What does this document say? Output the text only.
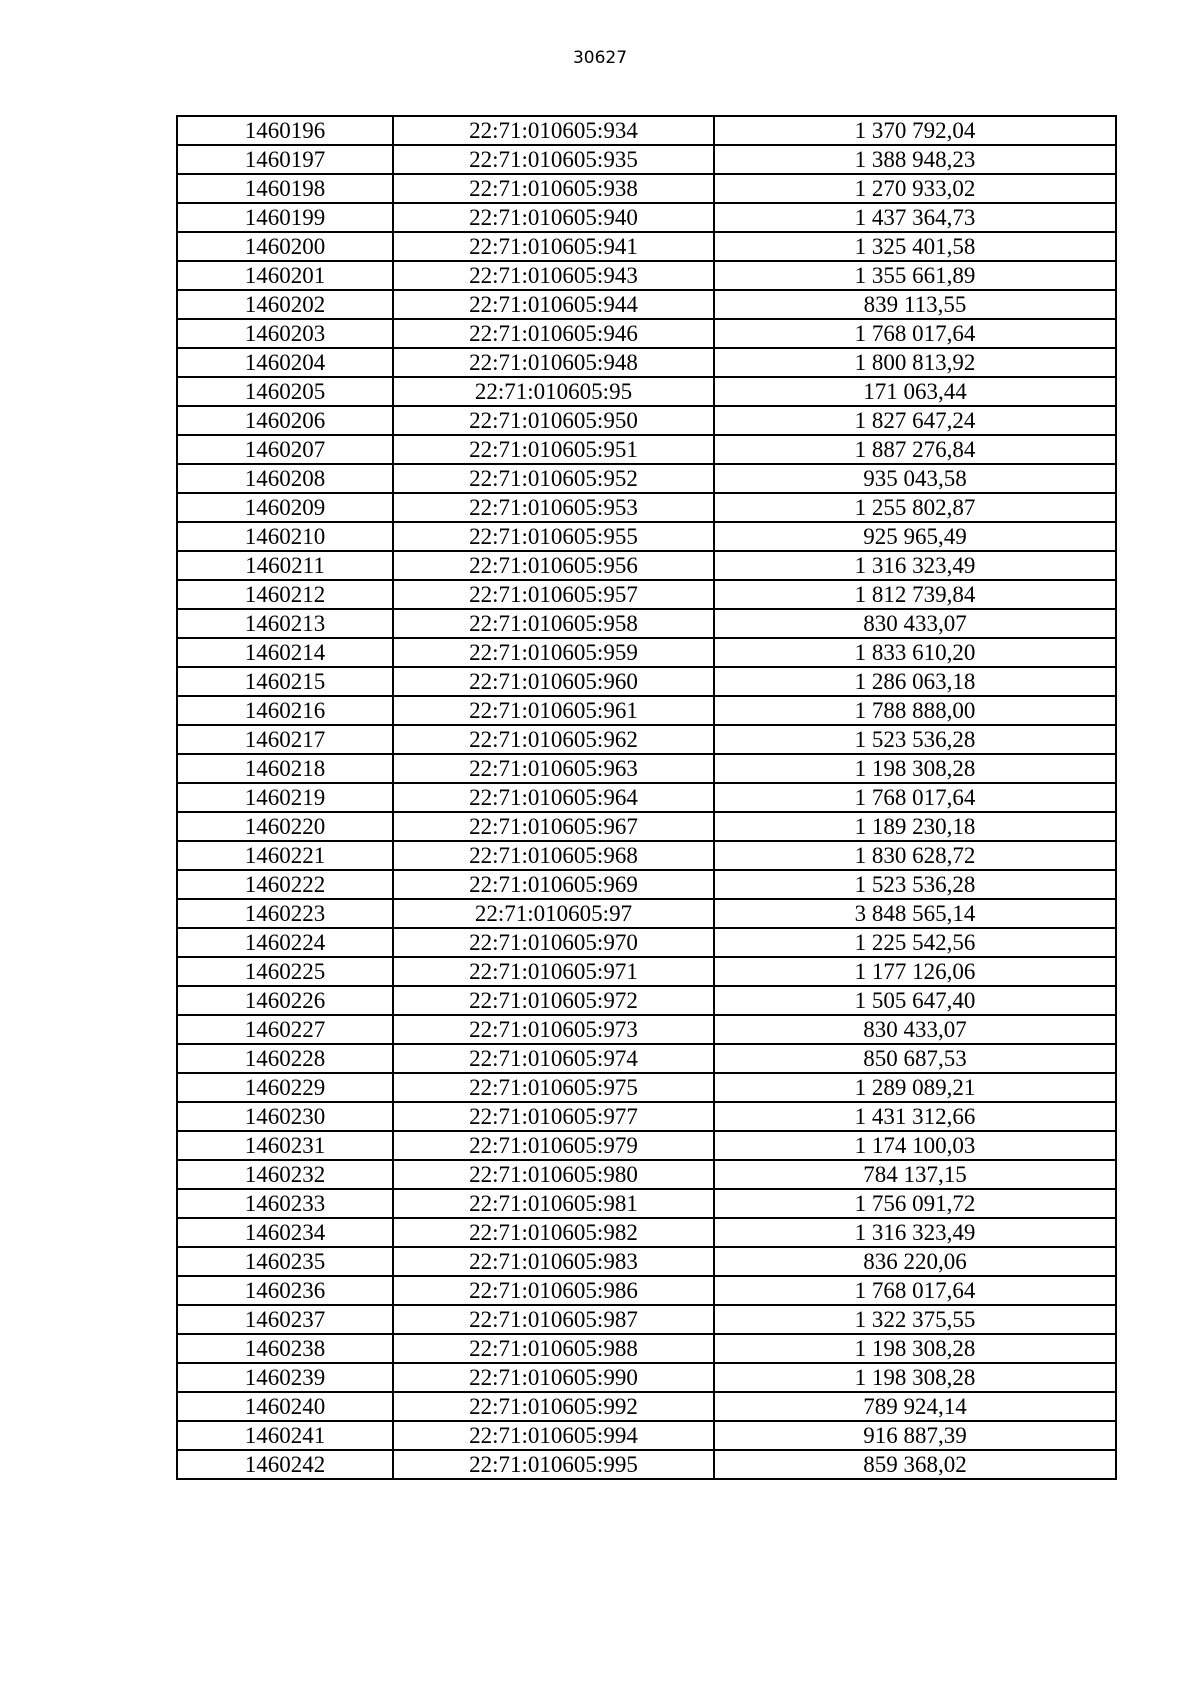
30627
1460196	22:71:010605:934	1 370 792,04
1460197	22:71:010605:935	1 388 948,23
1460198	22:71:010605:938	1 270 933,02
1460199	22:71:010605:940	1 437 364,73
1460200	22:71:010605:941	1 325 401,58
1460201	22:71:010605:943	1 355 661,89
1460202	22:71:010605:944	839 113,55
1460203	22:71:010605:946	1 768 017,64
1460204	22:71:010605:948	1 800 813,92
1460205	22:71:010605:95	171 063,44
1460206	22:71:010605:950	1 827 647,24
1460207	22:71:010605:951	1 887 276,84
1460208	22:71:010605:952	935 043,58
1460209	22:71:010605:953	1 255 802,87
1460210	22:71:010605:955	925 965,49
1460211	22:71:010605:956	1 316 323,49
1460212	22:71:010605:957	1 812 739,84
1460213	22:71:010605:958	830 433,07
1460214	22:71:010605:959	1 833 610,20
1460215	22:71:010605:960	1 286 063,18
1460216	22:71:010605:961	1 788 888,00
1460217	22:71:010605:962	1 523 536,28
1460218	22:71:010605:963	1 198 308,28
1460219	22:71:010605:964	1 768 017,64
1460220	22:71:010605:967	1 189 230,18
1460221	22:71:010605:968	1 830 628,72
1460222	22:71:010605:969	1 523 536,28
1460223	22:71:010605:97	3 848 565,14
1460224	22:71:010605:970	1 225 542,56
1460225	22:71:010605:971	1 177 126,06
1460226	22:71:010605:972	1 505 647,40
1460227	22:71:010605:973	830 433,07
1460228	22:71:010605:974	850 687,53
1460229	22:71:010605:975	1 289 089,21
1460230	22:71:010605:977	1 431 312,66
1460231	22:71:010605:979	1 174 100,03
1460232	22:71:010605:980	784 137,15
1460233	22:71:010605:981	1 756 091,72
1460234	22:71:010605:982	1 316 323,49
1460235	22:71:010605:983	836 220,06
1460236	22:71:010605:986	1 768 017,64
1460237	22:71:010605:987	1 322 375,55
1460238	22:71:010605:988	1 198 308,28
1460239	22:71:010605:990	1 198 308,28
1460240	22:71:010605:992	789 924,14
1460241	22:71:010605:994	916 887,39
1460242	22:71:010605:995	859 368,02
